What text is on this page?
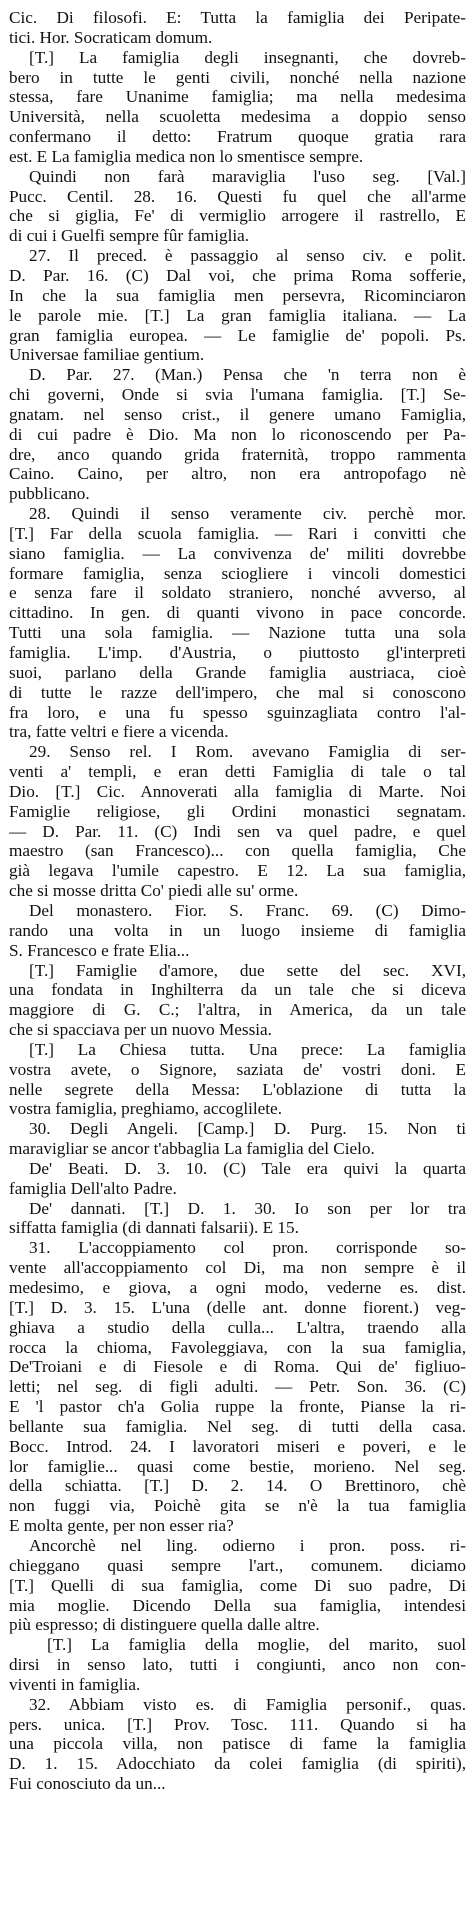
Cic. Di filosofi. E: Tutta la famiglia dei Peripate-
tici. Hor. Socraticam domum.
[T.] La famiglia degli insegnanti, che dovreb-
bero in tutte le genti civili, nonché nella nazione
stessa, fare Unanime famiglia; ma nella medesima
Università, nella scuoletta medesima a doppio senso
confermano il detto: Fratrum quoque gratia rara
est. E La famiglia medica non lo smentisce sempre.
Quindi non farà maraviglia l'uso seg. [Val.]
Pucc. Centil. 28. 16. Questi fu quel che all'arme
che si giglia, Fe' di vermiglio arrogere il rastrello, E
di cui i Guelfi sempre fûr famiglia.
27. Il preced. è passaggio al senso civ. e polit.
D. Par. 16. (C) Dal voi, che prima Roma sofferie,
In che la sua famiglia men persevra, Ricominciaron
le parole mie. [T.] La gran famiglia italiana. — La
gran famiglia europea. — Le famiglie de' popoli. Ps.
Universae familiae gentium.
D. Par. 27. (Man.) Pensa che 'n terra non è
chi governi, Onde si svia l'umana famiglia. [T.] Se-
gnatam. nel senso crist., il genere umano Famiglia,
di cui padre è Dio. Ma non lo riconoscendo per Pa-
dre, anco quando grida fraternità, troppo rammenta
Caino. Caino, per altro, non era antropofago nè
pubblicano.
28. Quindi il senso veramente civ. perchè mor.
[T.] Far della scuola famiglia. — Rari i convitti che
siano famiglia. — La convivenza de' militi dovrebbe
formare famiglia, senza sciogliere i vincoli domestici
e senza fare il soldato straniero, nonché avverso, al
cittadino. In gen. di quanti vivono in pace concorde.
Tutti una sola famiglia. — Nazione tutta una sola
famiglia. L'imp. d'Austria, o piuttosto gl'interpreti
suoi, parlano della Grande famiglia austriaca, cioè
di tutte le razze dell'impero, che mal si conoscono
fra loro, e una fu spesso sguinzagliata contro l'al-
tra, fatte veltri e fiere a vicenda.
29. Senso rel. I Rom. avevano Famiglia di ser-
venti a' templi, e eran detti Famiglia di tale o tal
Dio. [T.] Cic. Annoverati alla famiglia di Marte. Noi
Famiglie religiose, gli Ordini monastici segnatam.
— D. Par. 11. (C) Indi sen va quel padre, e quel
maestro (san Francesco)... con quella famiglia, Che
già legava l'umile capestro. E 12. La sua famiglia,
che si mosse dritta Co' piedi alle su' orme.
Del monastero. Fior. S. Franc. 69. (C) Dimo-
rando una volta in un luogo insieme di famiglia
S. Francesco e frate Elia...
[T.] Famiglie d'amore, due sette del sec. XVI,
una fondata in Inghilterra da un tale che si diceva
maggiore di G. C.; l'altra, in America, da un tale
che si spacciava per un nuovo Messia.
[T.] La Chiesa tutta. Una prece: La famiglia
vostra avete, o Signore, saziata de' vostri doni. E
nelle segrete della Messa: L'oblazione di tutta la
vostra famiglia, preghiamo, accoglilete.
30. Degli Angeli. [Camp.] D. Purg. 15. Non ti
maravigliar se ancor t'abbaglia La famiglia del Cielo.
De' Beati. D. 3. 10. (C) Tale era quivi la quarta
famiglia Dell'alto Padre.
De' dannati. [T.] D. 1. 30. Io son per lor tra
siffatta famiglia (di dannati falsarii). E 15.
31. L'accoppiamento col pron. corrisponde so-
vente all'accoppiamento col Di, ma non sempre è il
medesimo, e giova, a ogni modo, vederne es. dist.
[T.] D. 3. 15. L'una (delle ant. donne fiorent.) veg-
ghiava a studio della culla... L'altra, traendo alla
rocca la chioma, Favoleggiava, con la sua famiglia,
De'Troiani e di Fiesole e di Roma. Qui de' figliuo-
letti; nel seg. di figli adulti. — Petr. Son. 36. (C)
E 'l pastor ch'a Golia ruppe la fronte, Pianse la ri-
bellante sua famiglia. Nel seg. di tutti della casa.
Bocc. Introd. 24. I lavoratori miseri e poveri, e le
lor famiglie... quasi come bestie, morieno. Nel seg.
della schiatta. [T.] D. 2. 14. O Brettinoro, chè
non fuggi via, Poichè gita se n'è la tua famiglia
E molta gente, per non esser ria?
Ancorchè nel ling. odierno i pron. poss. ri-
chieggano quasi sempre l'art., comunem. diciamo
[T.] Quelli di sua famiglia, come Di suo padre, Di
mia moglie. Dicendo Della sua famiglia, intendesi
più espresso; di distinguere quella dalle altre.
[T.] La famiglia della moglie, del marito, suol
dirsi in senso lato, tutti i congiunti, anco non con-
viventi in famiglia.
32. Abbiam visto es. di Famiglia personif., quas.
pers. unica. [T.] Prov. Tosc. 111. Quando si ha
una piccola villa, non patisce di fame la famiglia
D. 1. 15. Adocchiato da colei famiglia (di spiriti),
Fui conosciuto da un...
